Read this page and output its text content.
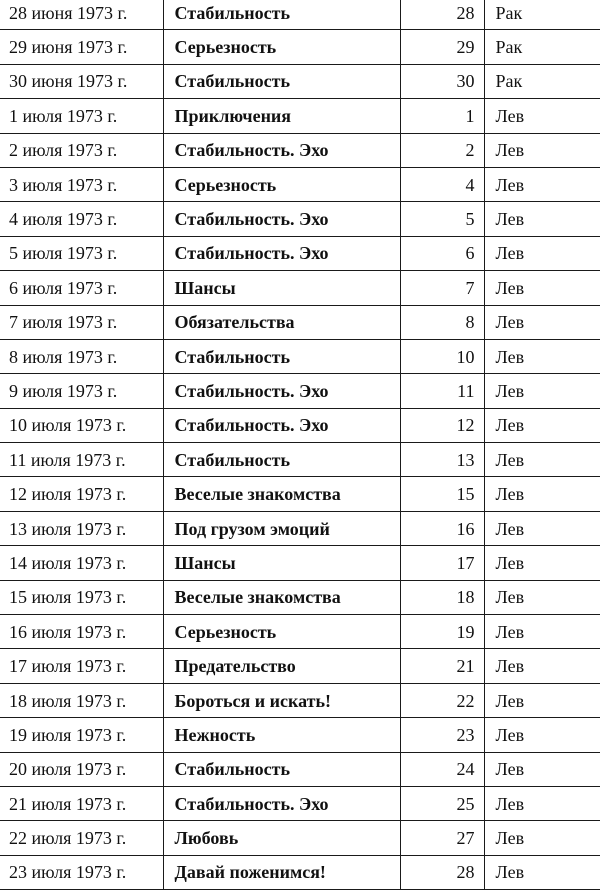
28 июня 1973 г.	Стабильность	28	Рак
29 июня 1973 г.	Серьезность	29	Рак
30 июня 1973 г.	Стабильность	30	Рак
1 июля 1973 г.	Приключения	1	Лев
2 июля 1973 г.	Стабильность. Эхо	2	Лев
3 июля 1973 г.	Серьезность	4	Лев
4 июля 1973 г.	Стабильность. Эхо	5	Лев
5 июля 1973 г.	Стабильность. Эхо	6	Лев
6 июля 1973 г.	Шансы	7	Лев
7 июля 1973 г.	Обязательства	8	Лев
8 июля 1973 г.	Стабильность	10	Лев
9 июля 1973 г.	Стабильность. Эхо	11	Лев
10 июля 1973 г.	Стабильность. Эхо	12	Лев
11 июля 1973 г.	Стабильность	13	Лев
12 июля 1973 г.	Веселые знакомства	15	Лев
13 июля 1973 г.	Под грузом эмоций	16	Лев
14 июля 1973 г.	Шансы	17	Лев
15 июля 1973 г.	Веселые знакомства	18	Лев
16 июля 1973 г.	Серьезность	19	Лев
17 июля 1973 г.	Предательство	21	Лев
18 июля 1973 г.	Бороться и искать!	22	Лев
19 июля 1973 г.	Нежность	23	Лев
20 июля 1973 г.	Стабильность	24	Лев
21 июля 1973 г.	Стабильность. Эхо	25	Лев
22 июля 1973 г.	Любовь	27	Лев
23 июля 1973 г.	Давай поженимся!	28	Лев
